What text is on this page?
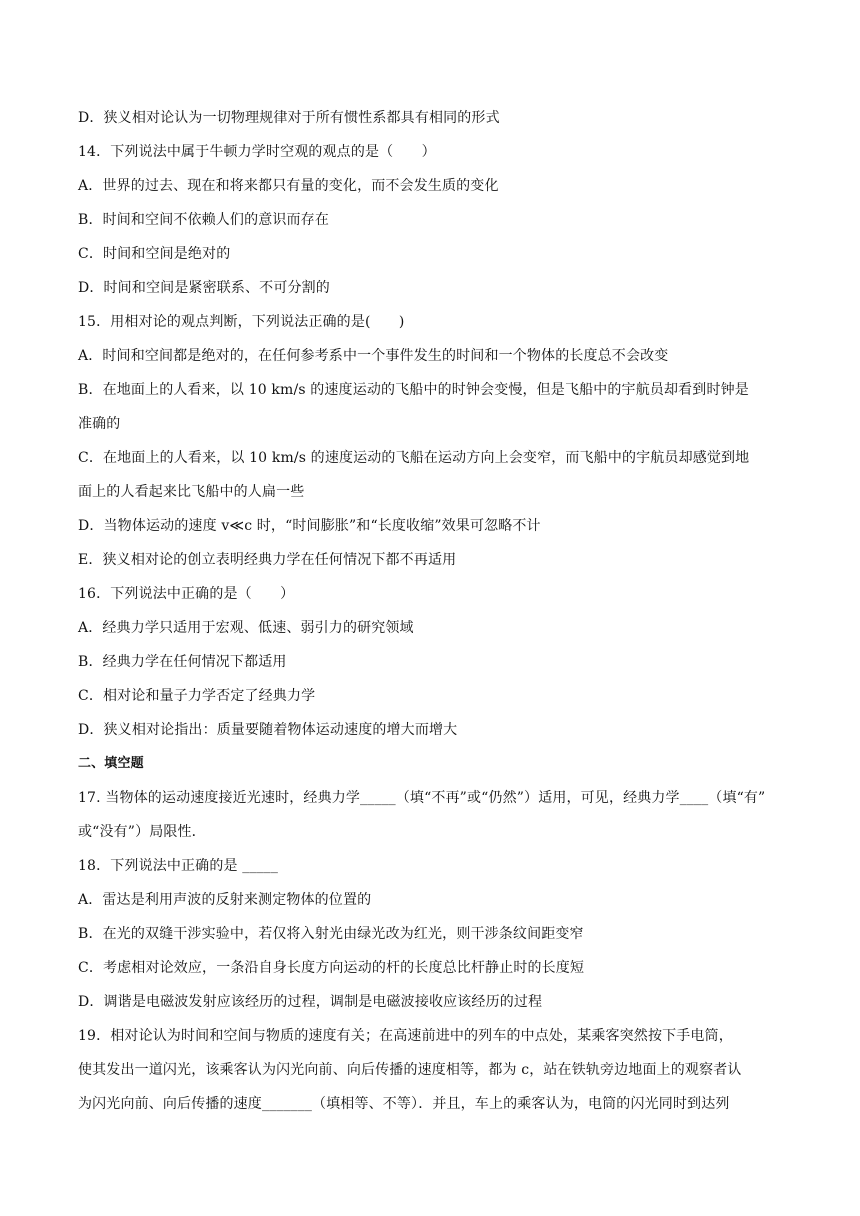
D．狭义相对论认为一切物理规律对于所有惯性系都具有相同的形式
14．下列说法中属于牛顿力学时空观的观点的是（　　）
A．世界的过去、现在和将来都只有量的变化，而不会发生质的变化
B．时间和空间不依赖人们的意识而存在
C．时间和空间是绝对的
D．时间和空间是紧密联系、不可分割的
15．用相对论的观点判断，下列说法正确的是(　　)
A．时间和空间都是绝对的，在任何参考系中一个事件发生的时间和一个物体的长度总不会改变
B．在地面上的人看来，以 10 km/s 的速度运动的飞船中的时钟会变慢，但是飞船中的宇航员却看到时钟是
准确的
C．在地面上的人看来，以 10 km/s 的速度运动的飞船在运动方向上会变窄，而飞船中的宇航员却感觉到地
面上的人看起来比飞船中的人扁一些
D．当物体运动的速度 v≪c 时，“时间膨胀”和“长度收缩”效果可忽略不计
E．狭义相对论的创立表明经典力学在任何情况下都不再适用
16．下列说法中正确的是（　　）
A．经典力学只适用于宏观、低速、弱引力的研究领域
B．经典力学在任何情况下都适用
C．相对论和量子力学否定了经典力学
D．狭义相对论指出：质量要随着物体运动速度的增大而增大
二、填空题
17. 当物体的运动速度接近光速时，经典力学_____（填“不再”或“仍然”）适用，可见，经典力学____（填“有”
或“没有”）局限性．
18．下列说法中正确的是 _____
A．雷达是利用声波的反射来测定物体的位置的
B．在光的双缝干涉实验中，若仅将入射光由绿光改为红光，则干涉条纹间距变窄
C．考虑相对论效应，一条沿自身长度方向运动的杆的长度总比杆静止时的长度短
D．调谐是电磁波发射应该经历的过程，调制是电磁波接收应该经历的过程
19．相对论认为时间和空间与物质的速度有关；在高速前进中的列车的中点处，某乘客突然按下手电筒，
使其发出一道闪光，该乘客认为闪光向前、向后传播的速度相等，都为 c，站在铁轨旁边地面上的观察者认
为闪光向前、向后传播的速度_______（填相等、不等）．并且，车上的乘客认为，电筒的闪光同时到达列
